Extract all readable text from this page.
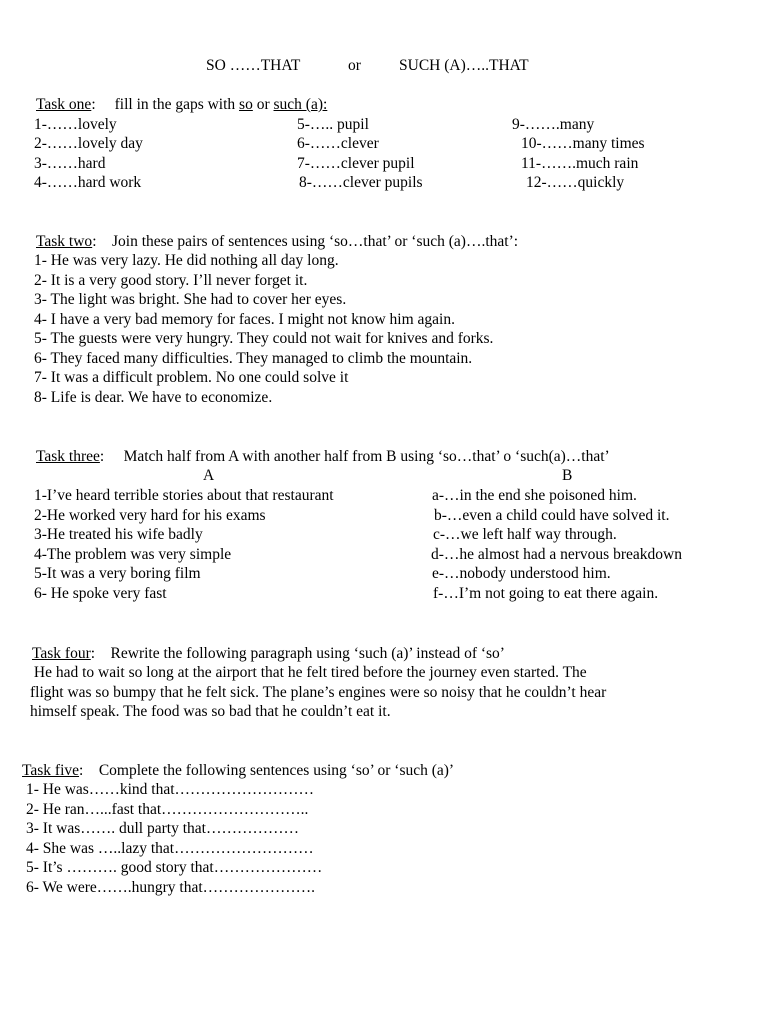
SO ……THAT	or SUCH (A)…..THAT
Task one: fill in the gaps with so or such (a):
1-……lovely
2-……lovely day
3-……hard
4-……hard work
5-….. pupil
6-……clever
7-……clever pupil
8-……clever pupils
9-…….many
10-……many times
11-…….much rain
12-……quickly
Task two:    Join these pairs of sentences using ‘so…that’ or ‘such (a)….that’:
1- He was very lazy. He did nothing all day long.
2- It is a very good story. I’ll never forget it.
3- The light was bright. She had to cover her eyes.
4- I have a very bad memory for faces. I might not know him again.
5- The guests were very hungry. They could not wait for knives and forks.
6- They faced many difficulties. They managed to climb the mountain.
7- It was a difficult problem. No one could solve it
8- Life is dear. We have to economize.
Task three:     Match half from A with another half from B using ‘so…that’ o ‘such(a)…that’
A	B
1-I’ve heard terrible stories about that restaurant
2-He worked very hard for his exams
3-He treated his wife badly
4-The problem was very simple
5-It was a very boring film
6- He spoke very fast
a-…in the end she poisoned him.
b-…even a child could have solved it.
c-…we left half way through.
d-…he almost had a nervous breakdown
e-…nobody understood him.
f-…I’m not going to eat there again.
Task four:    Rewrite the following paragraph using ‘such (a)’ instead of ‘so’
He had to wait so long at the airport that he felt tired before the journey even started. The
flight was so bumpy that he felt sick. The plane’s engines were so noisy that he couldn’t hear
himself speak. The food was so bad that he couldn’t eat it.
Task five:    Complete the following sentences using ‘so’ or ‘such (a)’
1- He was……kind that………………………
2- He ran…...fast that………………………..
3- It was……. dull party that………………
4- She was …..lazy that………………………
5- It’s ………. good story that…………………
6- We were…….hungry that………………….
